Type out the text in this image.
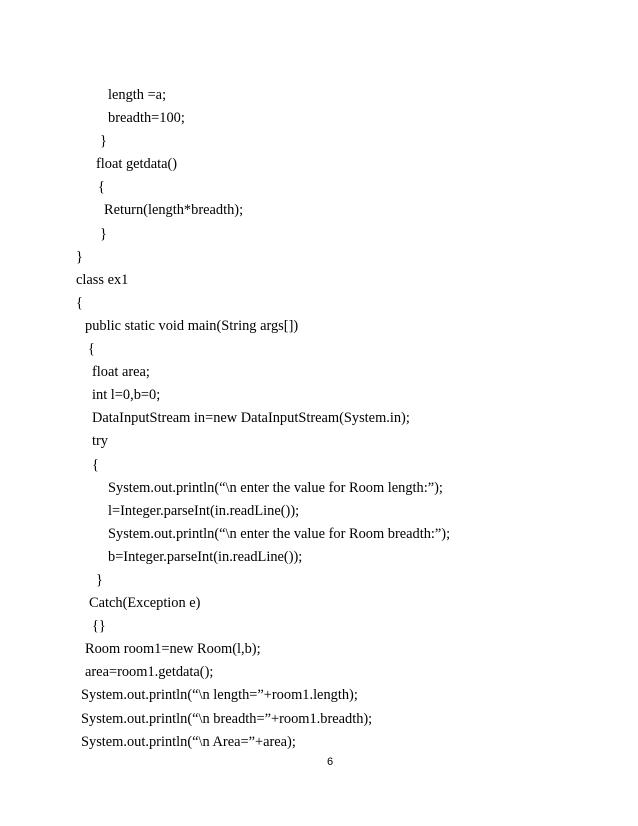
length =a;
breadth=100;
}
float getdata()
{
Return(length*breadth);
}
}
class ex1
{
public static void main(String args[])
{
float area;
int l=0,b=0;
DataInputStream in=new DataInputStream(System.in);
try
{
System.out.println(“\n enter the value for Room length:”);
l=Integer.parseInt(in.readLine());
System.out.println(“\n enter the value for Room breadth:”);
b=Integer.parseInt(in.readLine());
}
Catch(Exception e)
{}
Room room1=new Room(l,b);
area=room1.getdata();
System.out.println(“\n length=”+room1.length);
System.out.println(“\n breadth=”+room1.breadth);
System.out.println(“\n Area=”+area);
6
